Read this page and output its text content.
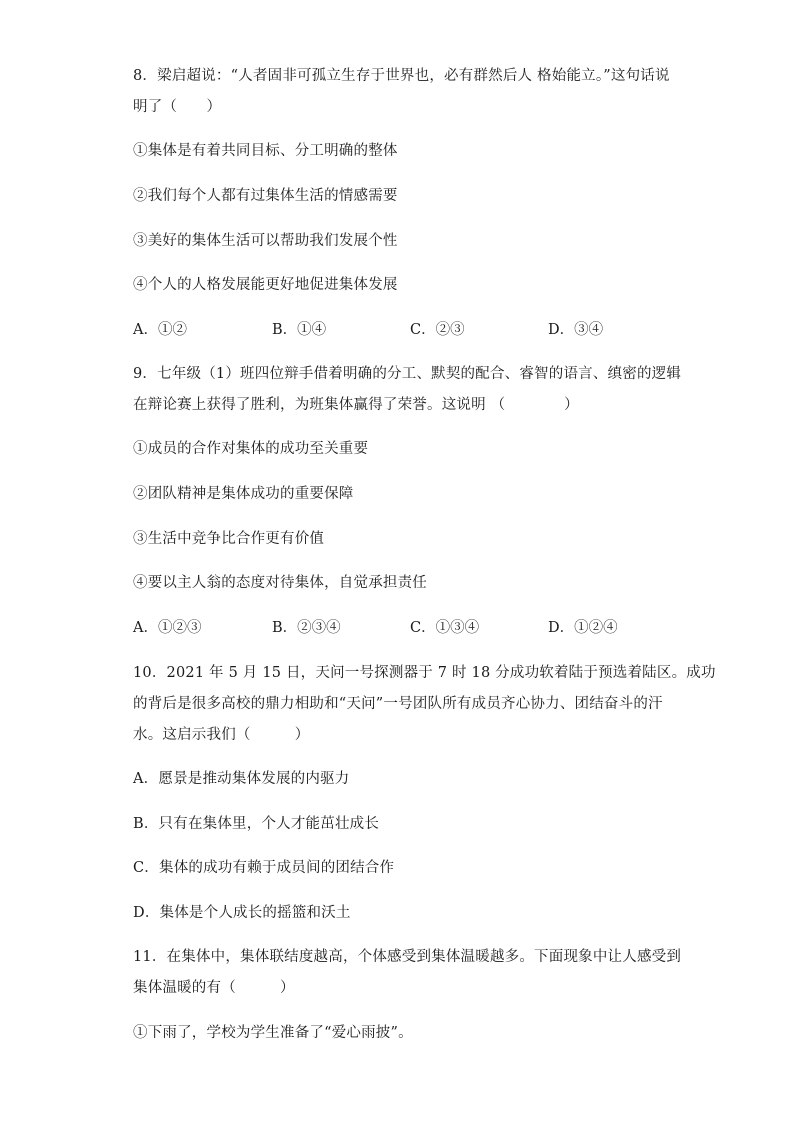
8．梁启超说：“人者固非可孤立生存于世界也，必有群然后人 格始能立。”这句话说
明了（　　）
①集体是有着共同目标、分工明确的整体
②我们每个人都有过集体生活的情感需要
③美好的集体生活可以帮助我们发展个性
④个人的人格发展能更好地促进集体发展
A．①②	B．①④	C．②③	D．③④
9．七年级（1）班四位辩手借着明确的分工、默契的配合、睿智的语言、缜密的逻辑
在辩论赛上获得了胜利，为班集体赢得了荣誉。这说明 （　　　　）
①成员的合作对集体的成功至关重要
②团队精神是集体成功的重要保障
③生活中竞争比合作更有价值
④要以主人翁的态度对待集体，自觉承担责任
A．①②③	B．②③④	C．①③④	D．①②④
10．2021 年 5 月 15 日，天问一号探测器于 7 时 18 分成功软着陆于预选着陆区。成功
的背后是很多高校的鼎力相助和“天问”一号团队所有成员齐心协力、团结奋斗的汗
水。这启示我们（　　　）
A．愿景是推动集体发展的内驱力
B．只有在集体里，个人才能茁壮成长
C．集体的成功有赖于成员间的团结合作
D．集体是个人成长的摇篮和沃土
11．在集体中，集体联结度越高，个体感受到集体温暖越多。下面现象中让人感受到
集体温暖的有（　　　）
①下雨了，学校为学生准备了“爱心雨披”。
